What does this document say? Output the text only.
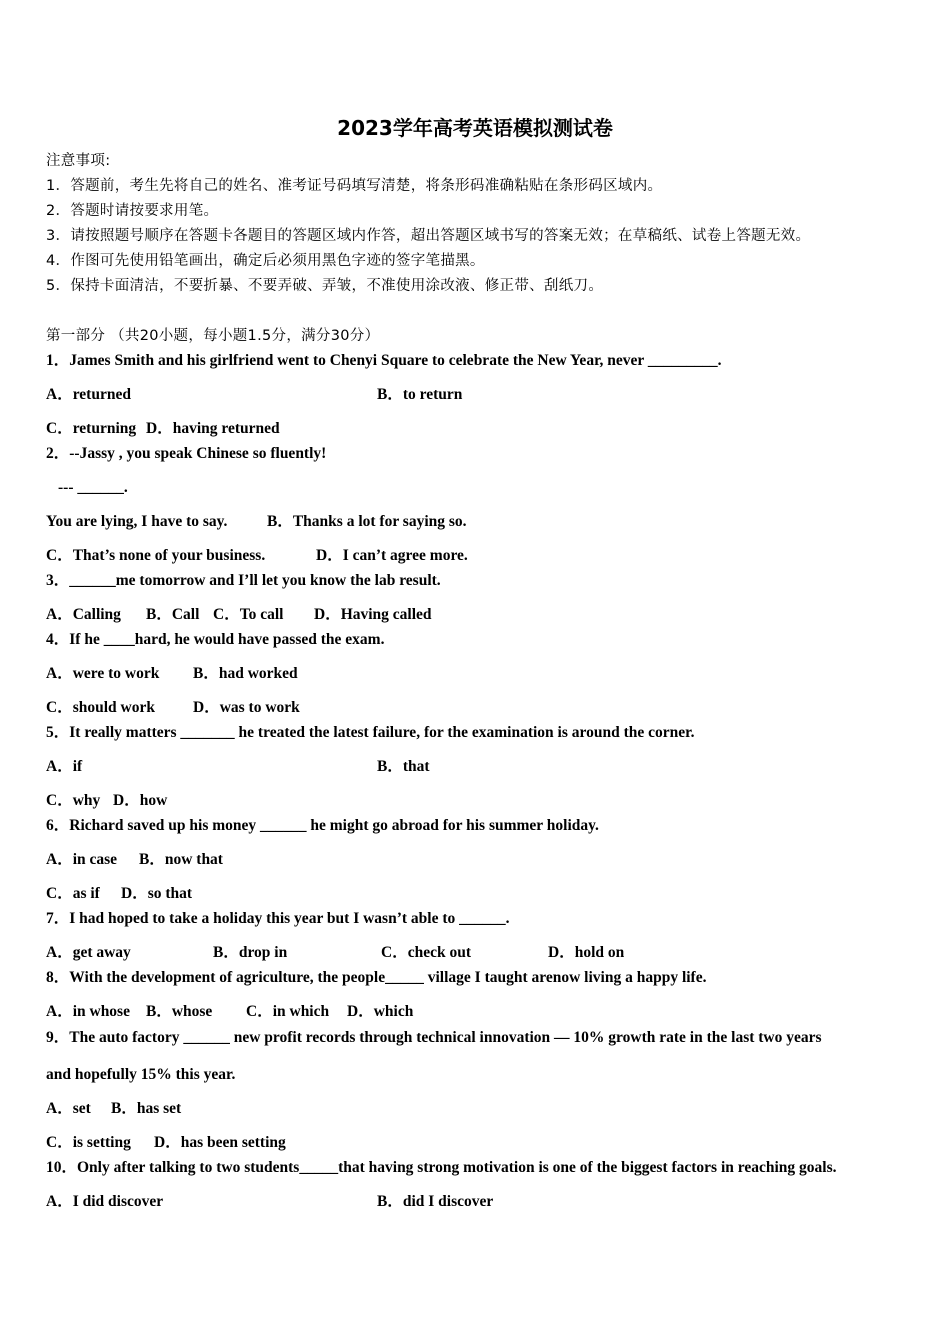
2023学年高考英语模拟测试卷
注意事项:
1．答题前，考生先将自己的姓名、准考证号码填写清楚，将条形码准确粘贴在条形码区域内。
2．答题时请按要求用笔。
3．请按照题号顺序在答题卡各题目的答题区域内作答，超出答题区域书写的答案无效；在草稿纸、试卷上答题无效。
4．作图可先使用铅笔画出，确定后必须用黑色字迹的签字笔描黑。
5．保持卡面清洁，不要折暴、不要弄破、弄皱，不准使用涂改液、修正带、刮纸刀。
第一部分 （共20小题，每小题1.5分，满分30分）
1．James Smith and his girlfriend went to Chenyi Square to celebrate the New Year, never _________.
A．returned	B．to return
C．returning D．having returned
2．--Jassy , you speak Chinese so fluently!
--- ______.
You are lying, I have to say.	B．Thanks a lot for saying so.
C．That’s none of your business.	D．I can’t agree more.
3．______me tomorrow and I’ll let you know the lab result.
A．Calling B．Call C．To call D．Having called
4．If he ____hard, he would have passed the exam.
A．were to work B．had worked
C．should work D．was to work
5．It really matters _______ he treated the latest failure, for the examination is around the corner.
A．if	B．that
C．why D．how
6．Richard saved up his money ______ he might go abroad for his summer holiday.
A．in case B．now that
C．as if D．so that
7．I had hoped to take a holiday this year but I wasn’t able to ______.
A．get away	B．drop in	C．check out	D．hold on
8．With the development of agriculture, the people_____ village I taught arenow living a happy life.
A．in whose B．whose C．in which D．which
9．The auto factory ______ new profit records through technical innovation — 10% growth rate in the last two years
and hopefully 15% this year.
A．set B．has set
C．is setting D．has been setting
10．Only after talking to two students_____that having strong motivation is one of the biggest factors in reaching goals.
A．I did discover	B．did I discover
